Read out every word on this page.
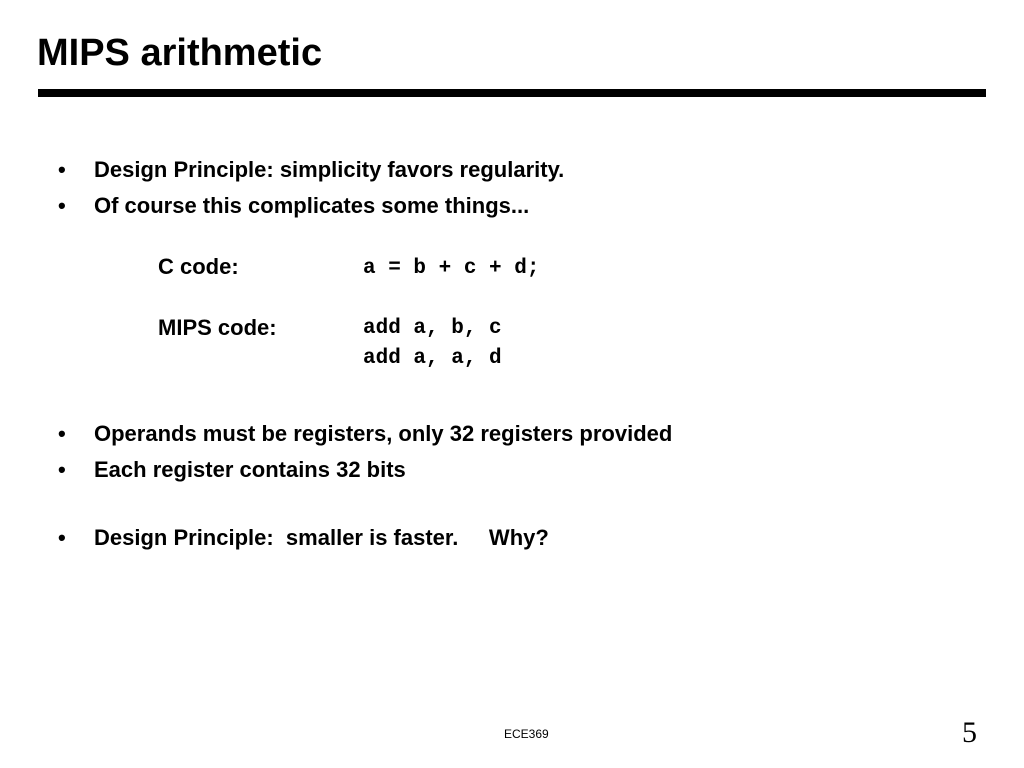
MIPS arithmetic
• Design Principle: simplicity favors regularity.
• Of course this complicates some things...
C code:	a = b + c + d;
MIPS code:	add a, b, c
add a, a, d
• Operands must be registers, only 32 registers provided
• Each register contains 32 bits
• Design Principle:  smaller is faster.     Why?
ECE369	5
